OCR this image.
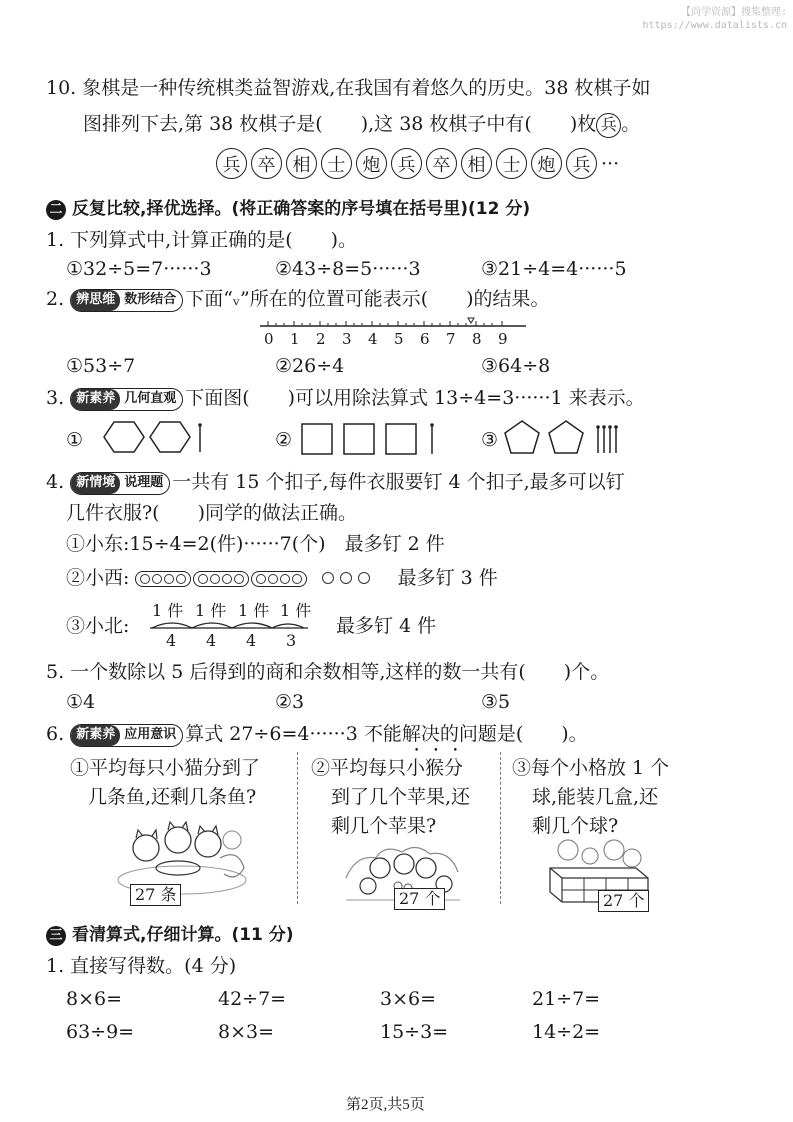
【尚学资源】搜集整理:
https://www.datalists.cn
10. 象棋是一种传统棋类益智游戏,在我国有着悠久的历史。38 枚棋子如
图排列下去,第 38 枚棋子是(　　),这 38 枚棋子中有(　　)枚 兵 。
兵 卒 相 士 炮 兵 卒 相 士 炮 兵 ···
二 反复比较,择优选择。(将正确答案的序号填在括号里)(12 分)
1. 下列算式中,计算正确的是(　　)。
①32÷5=7······3	②43÷8=5······3	③21÷4=4······5
2. 辨思维 数形结合 下面“ᵥ”所在的位置可能表示(　　)的结果。
0 1 2 3 4 5 6 7 8 9
①53÷7	②26÷4	③64÷8
3. 新素养 几何直观 下面图(　　)可以用除法算式 13÷4=3······1 来表示。
①	②	③
4. 新情境 说理题 一共有 15 个扣子,每件衣服要钉 4 个扣子,最多可以钉
几件衣服?(　　)同学的做法正确。
①小东:15÷4=2(件)······7(个)　最多钉 2 件
②小西:	最多钉 3 件
③小北:
1 件 1 件 1 件 1 件
4 4 4 3
最多钉 4 件
5. 一个数除以 5 后得到的商和余数相等,这样的数一共有(　　)个。
①4	②3	③5
6. 新素养 应用意识 算式 27÷6=4······3 不能解决的问题是(　　)。
•••
①平均每只小猫分到了
几条鱼,还剩几条鱼?
②平均每只小猴分
到了几个苹果,还
剩几个苹果?
③每个小格放 1 个
球,能装几盒,还
剩几个球?
27 条	27 个	27 个
三 看清算式,仔细计算。(11 分)
1. 直接写得数。(4 分)
8×6=	42÷7=	3×6=	21÷7=
63÷9=	8×3=	15÷3=	14÷2=
第2页,共5页
